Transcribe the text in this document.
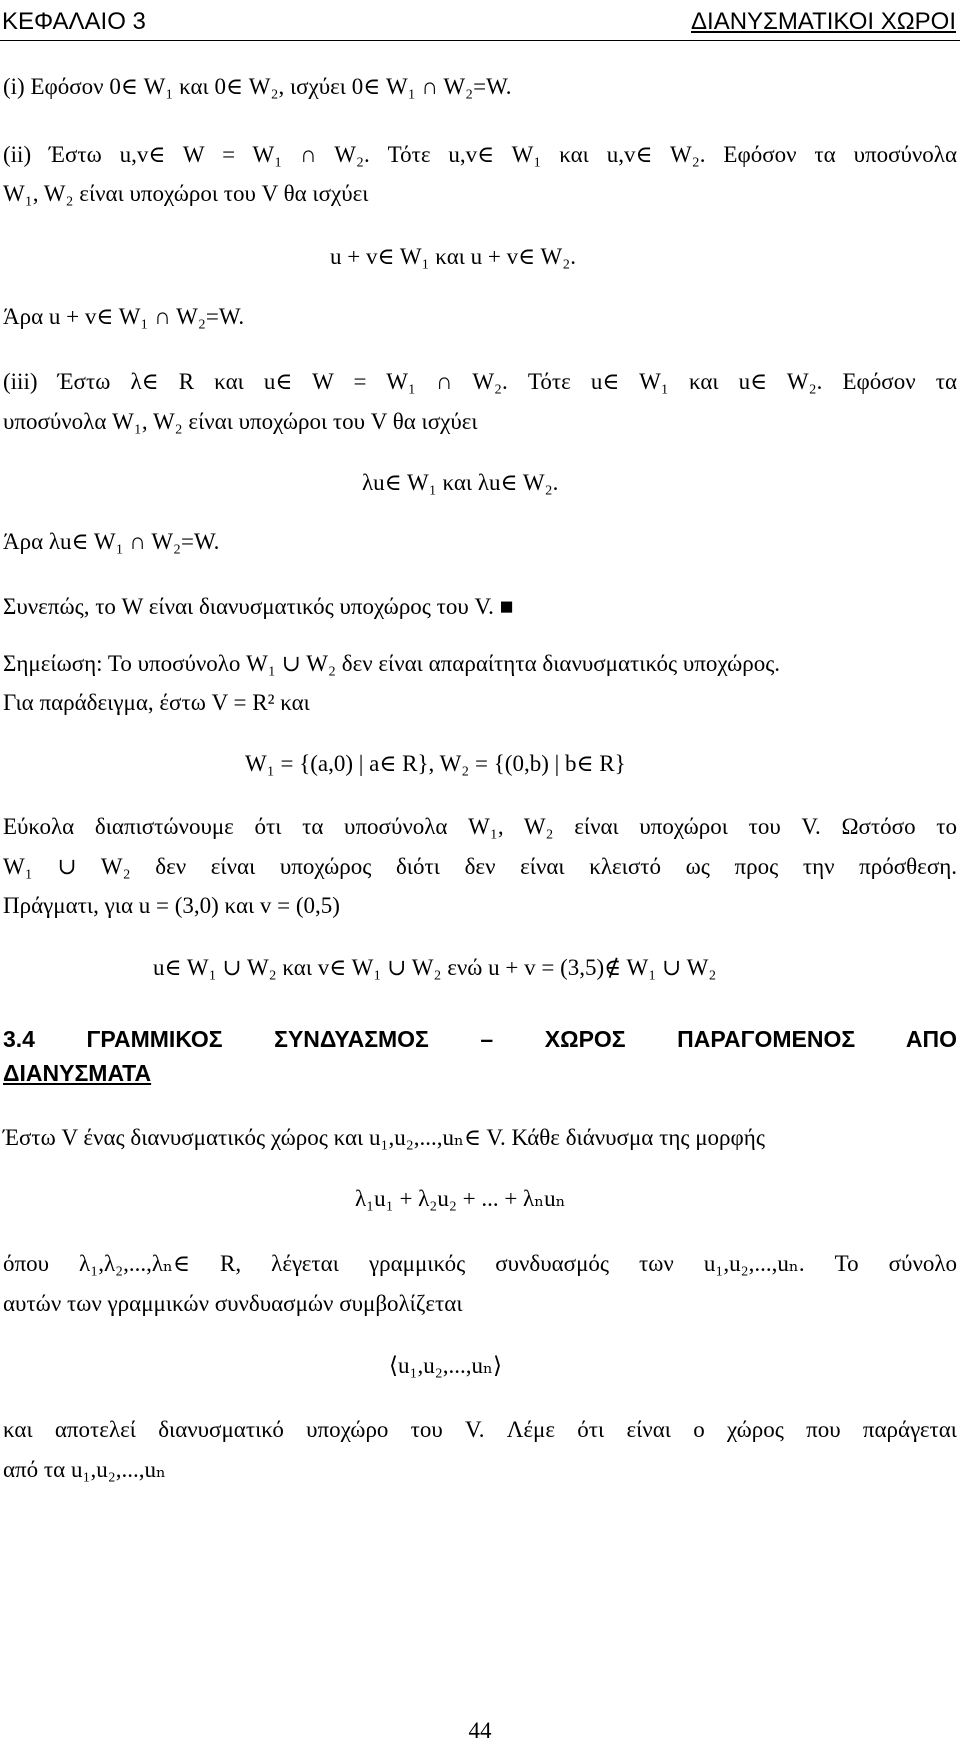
ΚΕΦΑΛΑΙΟ 3	ΔΙΑΝΥΣΜΑΤΙΚΟΙ ΧΩΡΟΙ
(i) Εφόσον 0∈ W₁ και 0∈ W₂, ισχύει 0∈ W₁ ∩ W₂=W.
(ii) Έστω u,v∈ W = W₁ ∩ W₂. Τότε u,v∈ W₁ και u,v∈ W₂. Εφόσον τα υποσύνολα
W₁, W₂ είναι υποχώροι του V θα ισχύει
u + v∈ W₁ και u + v∈ W₂.
Άρα u + v∈ W₁ ∩ W₂=W.
(iii) Έστω λ∈ R και u∈ W = W₁ ∩ W₂. Τότε u∈ W₁ και u∈ W₂. Εφόσον τα
υποσύνολα W₁, W₂ είναι υποχώροι του V θα ισχύει
λu∈ W₁ και λu∈ W₂.
Άρα λu∈ W₁ ∩ W₂=W.
Συνεπώς, το W είναι διανυσματικός υποχώρος του V. ■
Σημείωση: Το υποσύνολο W₁ ∪ W₂ δεν είναι απαραίτητα διανυσματικός υποχώρος.
Για παράδειγμα, έστω V = R² και
W₁ = {(a,0) | a∈ R}, W₂ = {(0,b) | b∈ R}
Εύκολα διαπιστώνουμε ότι τα υποσύνολα W₁, W₂ είναι υποχώροι του V. Ωστόσο το
W₁ ∪ W₂ δεν είναι υποχώρος διότι δεν είναι κλειστό ως προς την πρόσθεση.
Πράγματι, για u = (3,0) και v = (0,5)
u∈ W₁ ∪ W₂ και v∈ W₁ ∪ W₂ ενώ u + v = (3,5)∉ W₁ ∪ W₂
3.4 ΓΡΑΜΜΙΚΟΣ ΣΥΝΔΥΑΣΜΟΣ – ΧΩΡΟΣ ΠΑΡΑΓΟΜΕΝΟΣ ΑΠΟ
ΔΙΑΝΥΣΜΑΤΑ
Έστω V ένας διανυσματικός χώρος και u₁,u₂,...,uₙ∈ V. Κάθε διάνυσμα της μορφής
λ₁u₁ + λ₂u₂ + ... + λₙuₙ
όπου λ₁,λ₂,...,λₙ∈ R, λέγεται γραμμικός συνδυασμός των u₁,u₂,...,uₙ. Το σύνολο
αυτών των γραμμικών συνδυασμών συμβολίζεται
⟨u₁,u₂,...,uₙ⟩
και αποτελεί διανυσματικό υποχώρο του V. Λέμε ότι είναι ο χώρος που παράγεται
από τα u₁,u₂,...,uₙ
44
